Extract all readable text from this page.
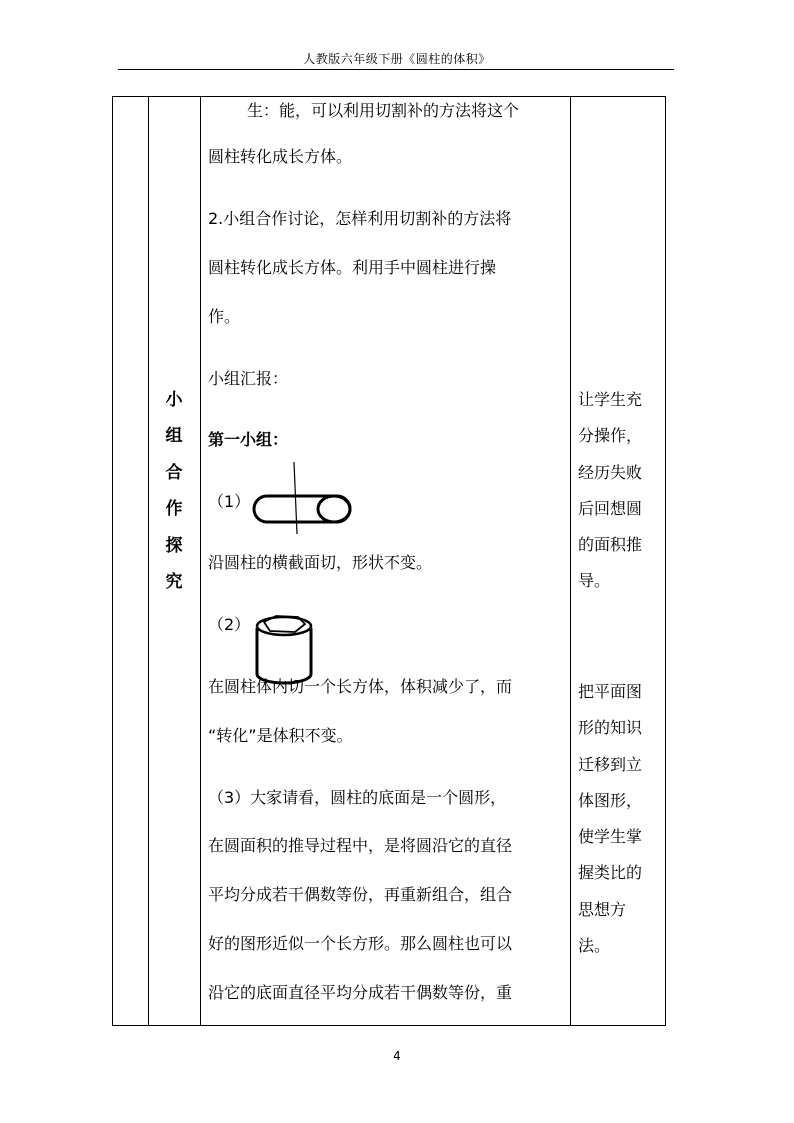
人教版六年级下册《圆柱的体积》
小
组
合
作
探
究
生：能，可以利用切割补的方法将这个
圆柱转化成长方体。
2.小组合作讨论，怎样利用切割补的方法将
圆柱转化成长方体。利用手中圆柱进行操
作。
小组汇报：
第一小组：
（1）
沿圆柱的横截面切，形状不变。
（2）
在圆柱体内切一个长方体，体积减少了，而
“转化”是体积不变。
（3）大家请看，圆柱的底面是一个圆形，
在圆面积的推导过程中，是将圆沿它的直径
平均分成若干偶数等份，再重新组合，组合
好的图形近似一个长方形。那么圆柱也可以
沿它的底面直径平均分成若干偶数等份，重
让学生充
分操作，
经历失败
后回想圆
的面积推
导。
把平面图
形的知识
迁移到立
体图形，
使学生掌
握类比的
思想方
法。
4
